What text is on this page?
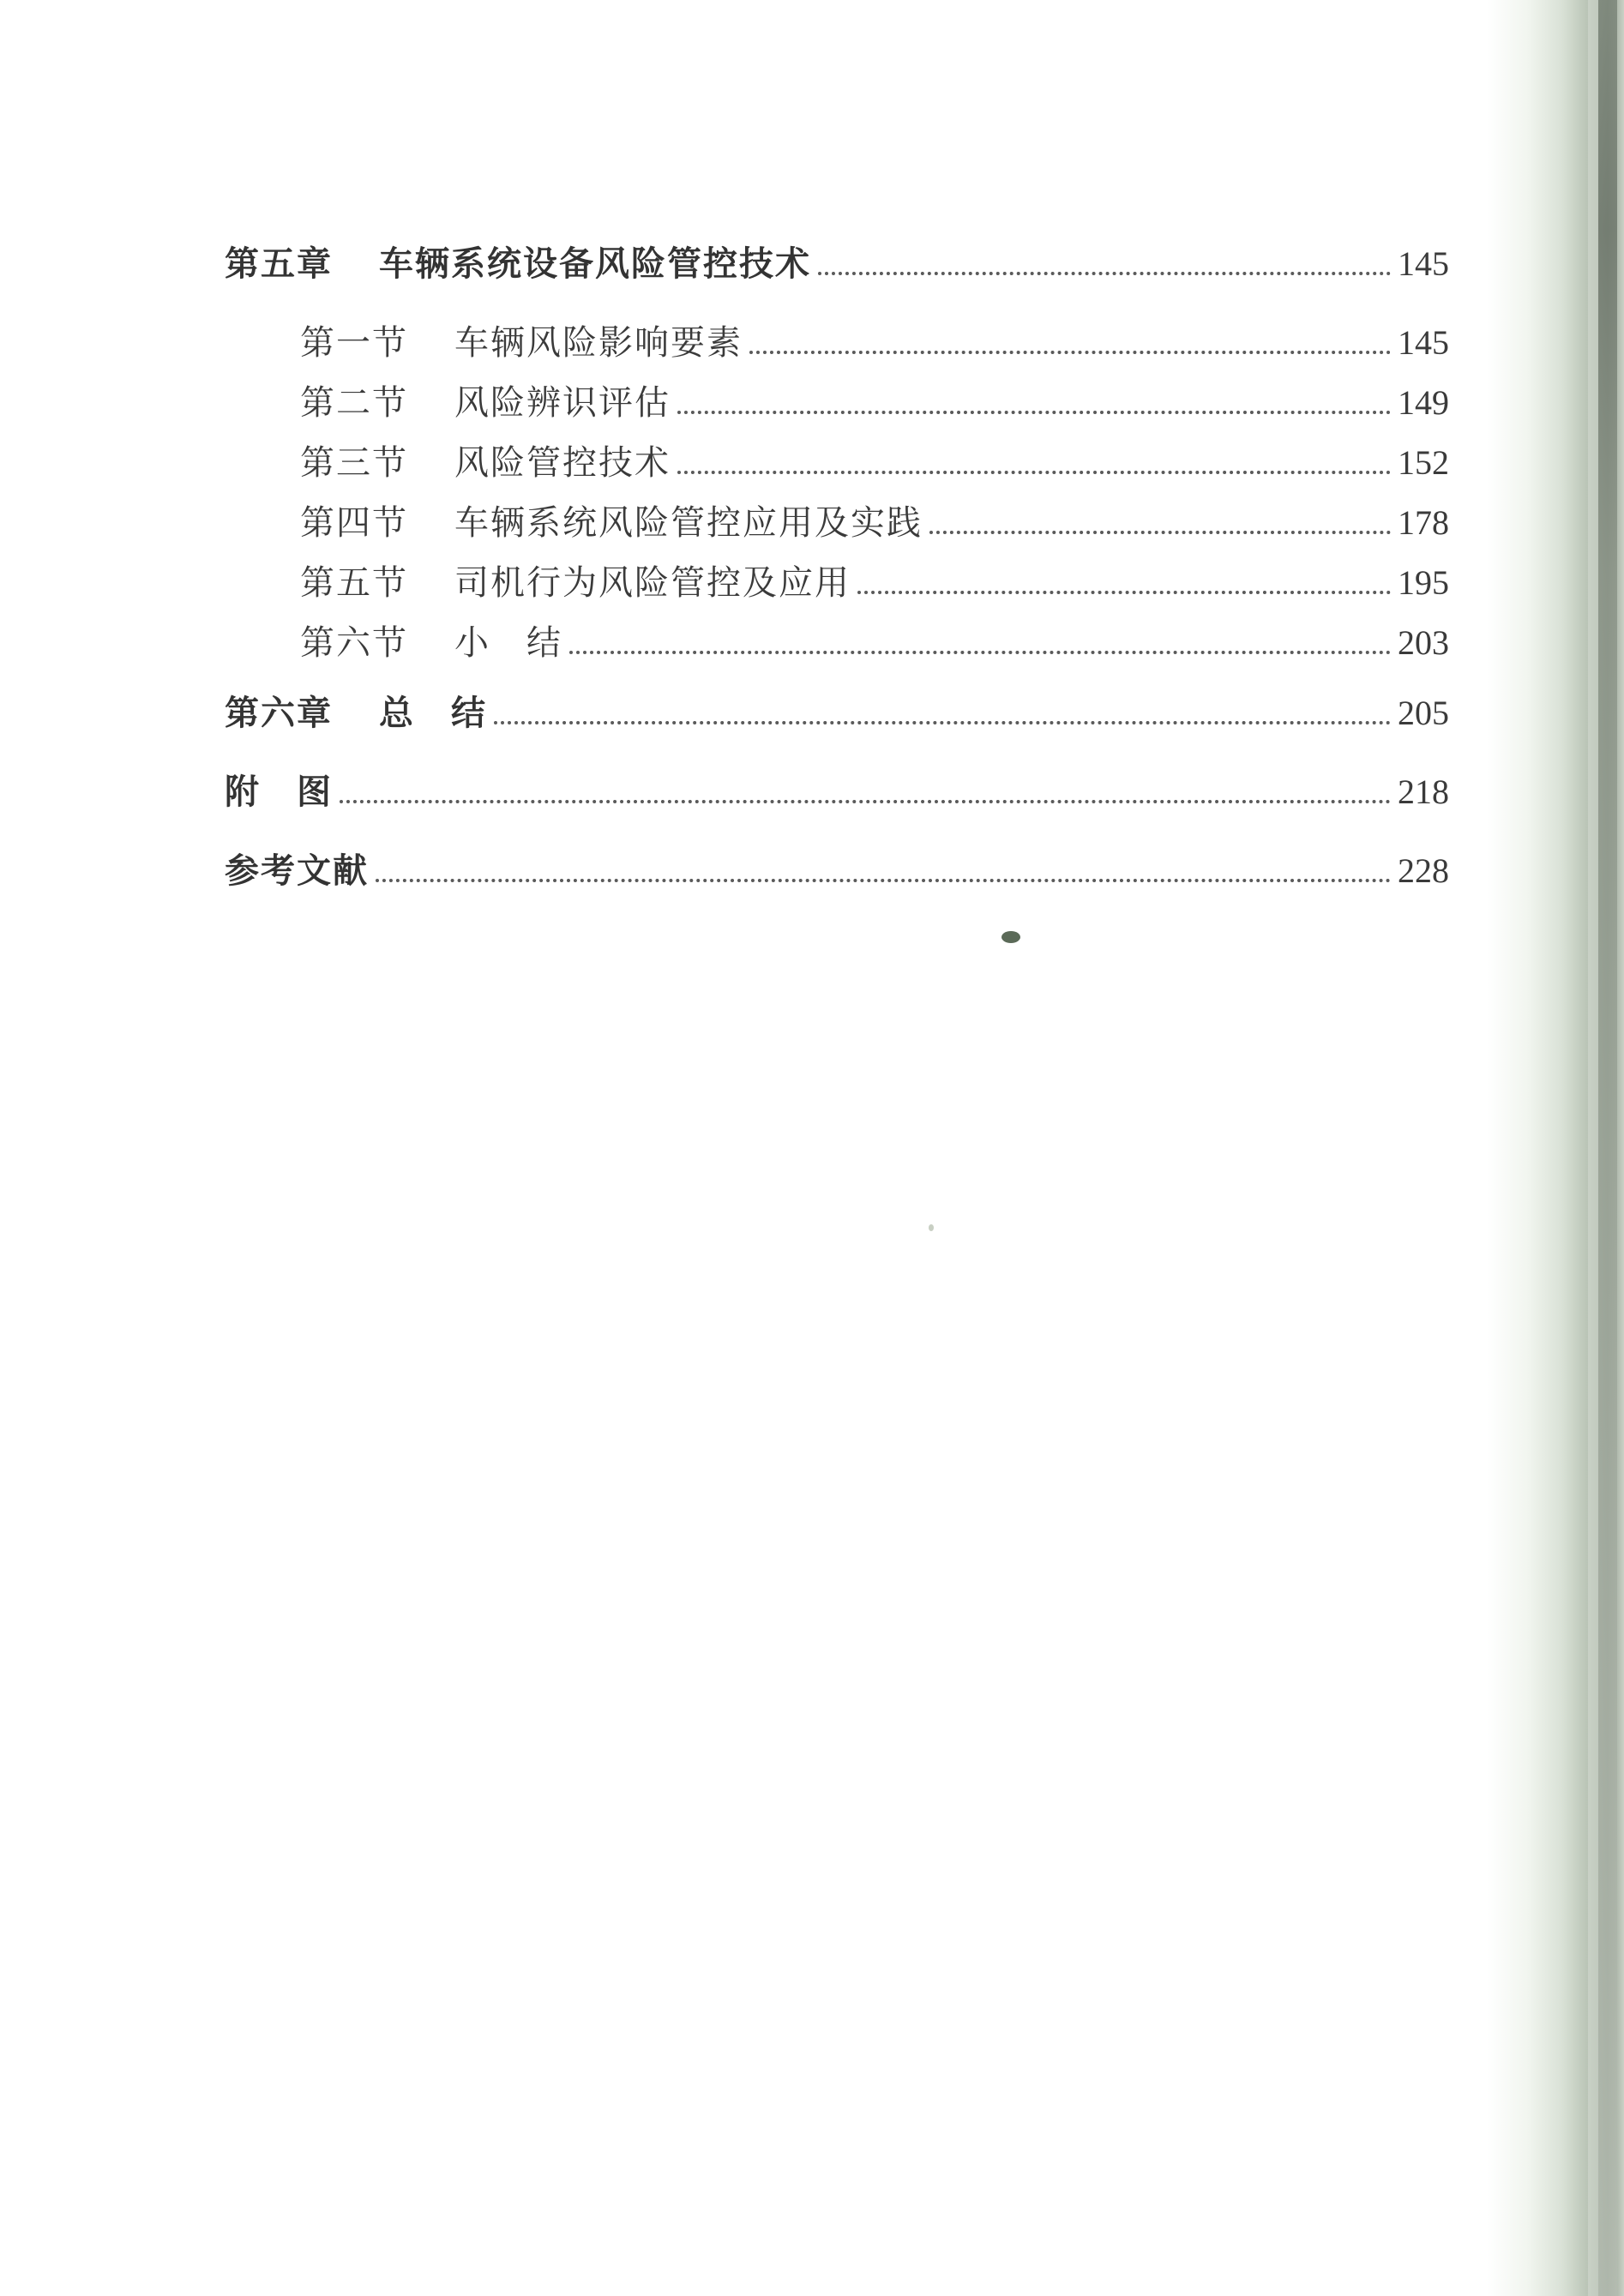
第五章	车辆系统设备风险管控技术	145
第一节	车辆风险影响要素	145
第二节	风险辨识评估	149
第三节	风险管控技术	152
第四节	车辆系统风险管控应用及实践	178
第五节	司机行为风险管控及应用	195
第六节	小　结	203
第六章	总　结	205
附　图	218
参考文献	228
